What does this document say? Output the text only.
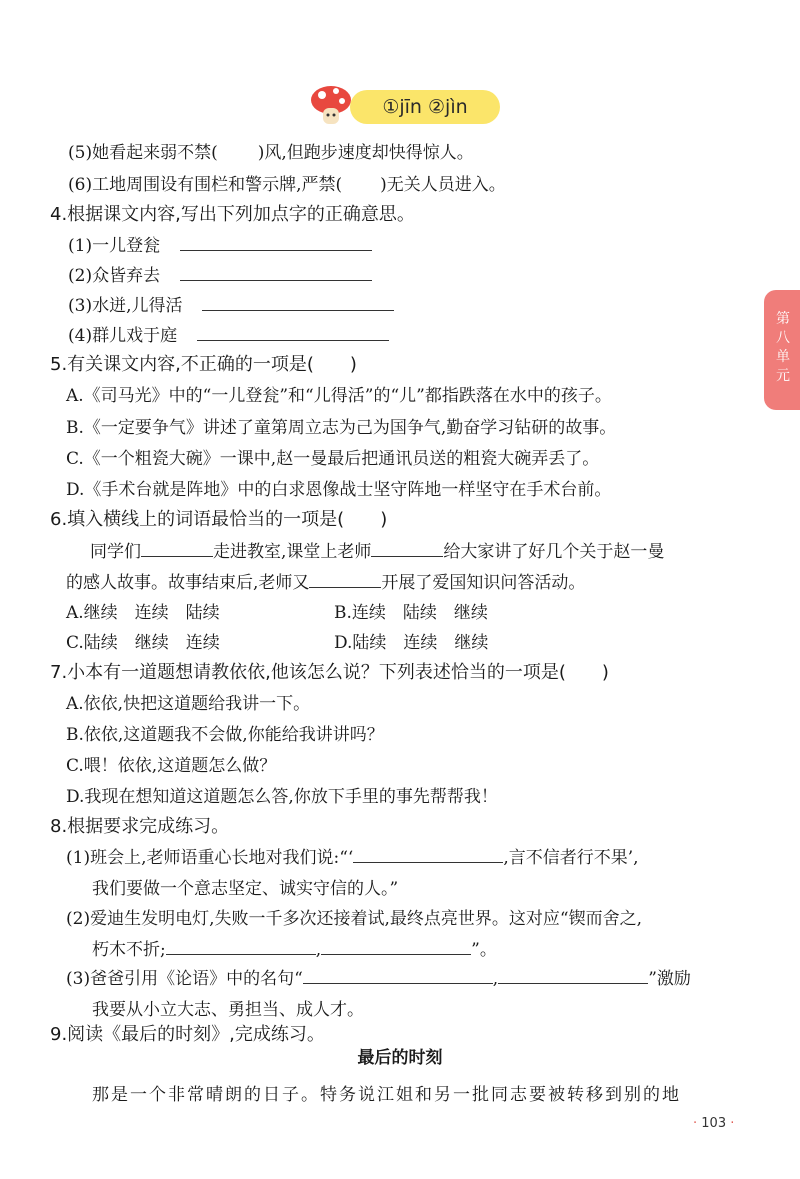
①jīn ②jìn
第八单元
(5)她看起来弱不禁( )风,但跑步速度却快得惊人。
(6)工地周围设有围栏和警示牌,严禁( )无关人员进入。
4.根据课文内容,写出下列加点字的正确意思。
(1)一儿登瓮
(2)众皆弃去
(3)水迸,儿得活
(4)群儿戏于庭
5.有关课文内容,不正确的一项是( )
A.《司马光》中的“一儿登瓮”和“儿得活”的“儿”都指跌落在水中的孩子。
B.《一定要争气》讲述了童第周立志为己为国争气,勤奋学习钻研的故事。
C.《一个粗瓷大碗》一课中,赵一曼最后把通讯员送的粗瓷大碗弄丢了。
D.《手术台就是阵地》中的白求恩像战士坚守阵地一样坚守在手术台前。
6.填入横线上的词语最恰当的一项是( )
同学们	走进教室,课堂上老师	给大家讲了好几个关于赵一曼
的感人故事。故事结束后,老师又	开展了爱国知识问答活动。
A.继续　连续　陆续	B.连续　陆续　继续
C.陆续　继续　连续	D.陆续　连续　继续
7.小本有一道题想请教依依,他该怎么说？下列表述恰当的一项是( )
A.依依,快把这道题给我讲一下。
B.依依,这道题我不会做,你能给我讲讲吗？
C.喂！依依,这道题怎么做？
D.我现在想知道这道题怎么答,你放下手里的事先帮帮我！
8.根据要求完成练习。
(1)班会上,老师语重心长地对我们说:“‘	,言不信者行不果’,
我们要做一个意志坚定、诚实守信的人。”
(2)爱迪生发明电灯,失败一千多次还接着试,最终点亮世界。这对应“锲而舍之,
朽木不折;	,	”。
(3)爸爸引用《论语》中的名句“	,	”激励
我要从小立大志、勇担当、成人才。
9.阅读《最后的时刻》,完成练习。
最后的时刻
那是一个非常晴朗的日子。特务说江姐和另一批同志要被转移到别的地
· 103 ·
